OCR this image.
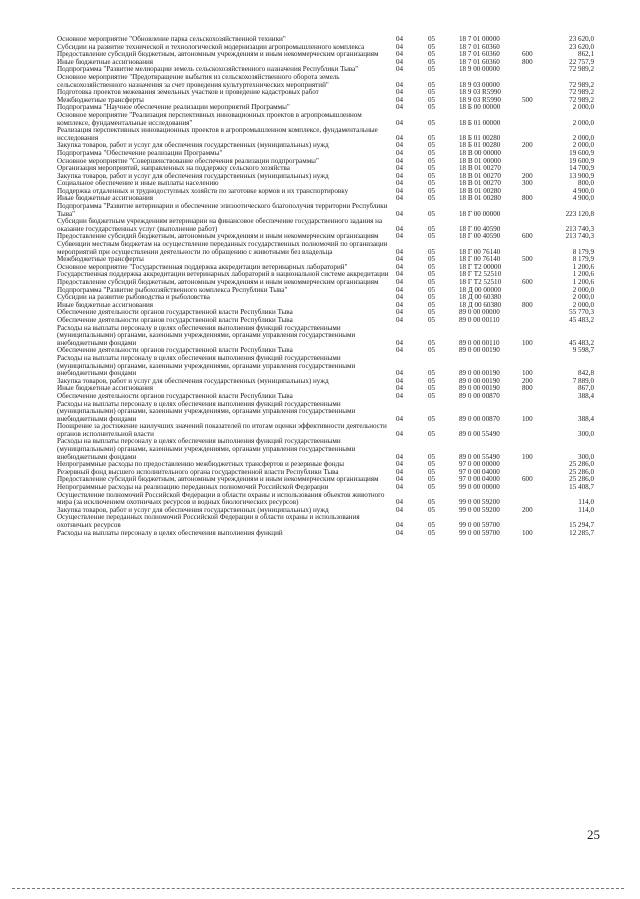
Основное мероприятие "Обновление парка сельскохозяйственной техники"	04	05	18 7 01 00000	23 620,0
Субсидии на развитие технической и технологической модернизации агропромышленного комплекса	04	05	18 7 01 60360	23 620,0
Предоставление субсидий бюджетным, автономным учреждениям и иным некоммерческим организациям	04	05	18 7 01 60360	600	862,1
Иные бюджетные ассигнования	04	05	18 7 01 60360	800	22 757,9
Подпрограмма "Развитие мелиорации земель сельскохозяйственного назначения Республики Тыва"	04	05	18 9 00 00000	72 989,2
Основное мероприятие "Предотвращение выбытия из сельскохозяйственного оборота земель сельскохозяйственного назначения за счет проведения культуртехнических мероприятий"	04	05	18 9 03 00000	72 989,2
Подготовка проектов межевания земельных участков и проведение кадастровых работ	04	05	18 9 03 R5990	72 989,2
Межбюджетные трансферты	04	05	18 9 03 R5990	500	72 989,2
Подпрограмма "Научное обеспечение реализации мероприятий Программы"	04	05	18 Б 00 00000	2 000,0
Основное мероприятие "Реализация перспективных инновационных проектов в агропромышленном комплексе, фундаментальные исследования"	04	05	18 Б 01 00000	2 000,0
Реализация перспективных инновационных проектов в агропромышленном комплексе, фундаментальные исследования	04	05	18 Б 01 00280	2 000,0
Закупка товаров, работ и услуг для обеспечения государственных (муниципальных) нужд	04	05	18 Б 01 00280	200	2 000,0
Подпрограмма "Обеспечение реализации Программы"	04	05	18 В 00 00000	19 600,9
Основное мероприятие "Совершенствование обеспечения реализации подпрограммы"	04	05	18 В 01 00000	19 600,9
Организация мероприятий, направленных на поддержку сельского хозяйства	04	05	18 В 01 00270	14 700,9
Закупка товаров, работ и услуг для обеспечения государственных (муниципальных) нужд	04	05	18 В 01 00270	200	13 900,9
Социальное обеспечение и иные выплаты населению	04	05	18 В 01 00270	300	800,0
Поддержка отдаленных и труднодоступных хозяйств по заготовке кормов и их транспортировку	04	05	18 В 01 00280	4 900,0
Иные бюджетные ассигнования	04	05	18 В 01 00280	800	4 900,0
Подпрограмма "Развитие ветеринарии и обеспечение эпизоотического благополучия территории Республики Тыва"	04	05	18 Г 00 00000	223 120,8
Субсидии бюджетным учреждениям ветеринарии на финансовое обеспечение государственного задания на оказание государственных услуг (выполнение работ)	04	05	18 Г 00 40590	213 740,3
Предоставление субсидий бюджетным, автономным учреждениям и иным некоммерческим организациям	04	05	18 Г 00 40590	600	213 740,3
Субвенции местным бюджетам на осуществление переданных государственных полномочий по организации мероприятий при осуществлении деятельности по обращению с животными без владельца	04	05	18 Г 00 76140	8 179,9
Межбюджетные трансферты	04	05	18 Г 00 76140	500	8 179,9
Основное мероприятие "Государственная поддержка аккредитации ветеринарных лабораторий"	04	05	18 Г Т2 00000	1 200,6
Государственная поддержка аккредитации ветеринарных лабораторий в национальной системе аккредитации	04	05	18 Г Т2 52510	1 200,6
Предоставление субсидий бюджетным, автономным учреждениям и иным некоммерческим организациям	04	05	18 Г Т2 52510	600	1 200,6
Подпрограмма "Развитие рыбохозяйственного комплекса Республики Тыва"	04	05	18 Д 00 00000	2 000,0
Субсидии на развитие рыбоводства и рыболовства	04	05	18 Д 00 60380	2 000,0
Иные бюджетные ассигнования	04	05	18 Д 00 60380	800	2 000,0
Обеспечение деятельности органов государственной власти Республики Тыва	04	05	89 0 00 00000	55 770,3
Обеспечение деятельности органов государственной власти Республики Тыва	04	05	89 0 00 00110	45 483,2
Расходы на выплаты персоналу в целях обеспечения выполнения функций государственными (муниципальными) органами, казенными учреждениями, органами управления государственными внебюджетными фондами	04	05	89 0 00 00110	100	45 483,2
Обеспечение деятельности органов государственной власти Республики Тыва	04	05	89 0 00 00190	9 598,7
Расходы на выплаты персоналу в целях обеспечения выполнения функций государственными (муниципальными) органами, казенными учреждениями, органами управления государственными внебюджетными фондами	04	05	89 0 00 00190	100	842,8
Закупка товаров, работ и услуг для обеспечения государственных (муниципальных) нужд	04	05	89 0 00 00190	200	7 889,0
Иные бюджетные ассигнования	04	05	89 0 00 00190	800	867,0
Обеспечение деятельности органов государственной власти Республики Тыва	04	05	89 0 00 00870	388,4
Расходы на выплаты персоналу в целях обеспечения выполнения функций государственными (муниципальными) органами, казенными учреждениями, органами управления государственными внебюджетными фондами	04	05	89 0 00 00870	100	388,4
Поощрение за достижение наилучших значений показателей по итогам оценки эффективности деятельности органов исполнительной власти	04	05	89 0 00 55490	300,0
Расходы на выплаты персоналу в целях обеспечения выполнения функций государственными (муниципальными) органами, казенными учреждениями, органами управления государственными внебюджетными фондами	04	05	89 0 00 55490	100	300,0
Непрограммные расходы по предоставлению межбюджетных трансфертов и резервные фонды	04	05	97 0 00 00000	25 286,0
Резервный фонд высшего исполнительного органа государственной власти Республики Тыва	04	05	97 0 00 04000	25 286,0
Предоставление субсидий бюджетным, автономным учреждениям и иным некоммерческим организациям	04	05	97 0 00 04000	600	25 286,0
Непрограммные расходы на реализацию переданных полномочий Российской Федерации	04	05	99 0 00 00000	15 408,7
Осуществление полномочий Российской Федерации в области охраны и использования объектов животного мира (за исключением охотничьих ресурсов и водных биологических ресурсов)	04	05	99 0 00 59200	114,0
Закупка товаров, работ и услуг для обеспечения государственных (муниципальных) нужд	04	05	99 0 00 59200	200	114,0
Осуществление переданных полномочий Российской Федерации в области охраны и использования охотничьих ресурсов	04	05	99 0 00 59700	15 294,7
Расходы на выплаты персоналу в целях обеспечения выполнения функций	04	05	99 0 00 59700	100	12 285,7
25
